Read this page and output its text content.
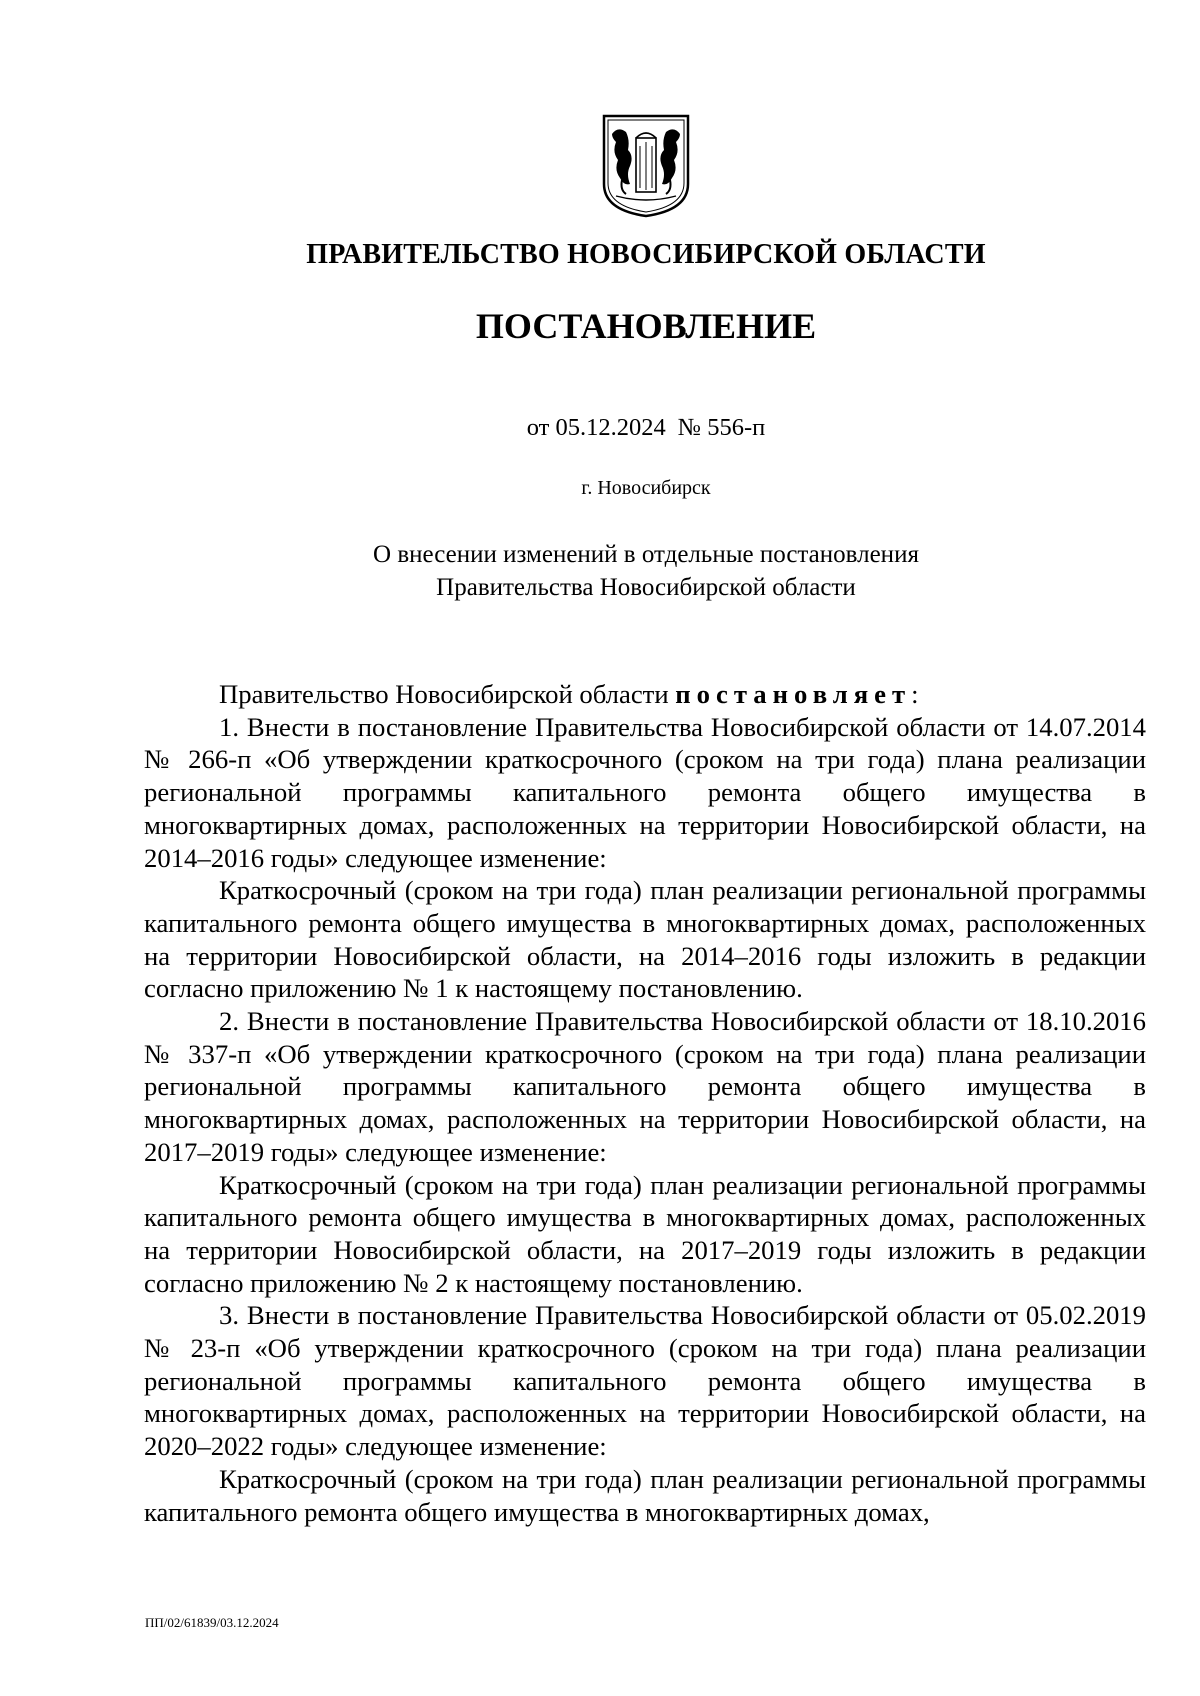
ПРАВИТЕЛЬСТВО НОВОСИБИРСКОЙ ОБЛАСТИ
ПОСТАНОВЛЕНИЕ
от 05.12.2024 № 556-п
г. Новосибирск
О внесении изменений в отдельные постановления
Правительства Новосибирской области

Правительство Новосибирской области постановляет:

1. Внести в постановление Правительства Новосибирской области от 14.07.2014 № 266-п «Об утверждении краткосрочного (сроком на три года) плана реализации региональной программы капитального ремонта общего имущества в многоквартирных домах, расположенных на территории Новосибирской области, на 2014–2016 годы» следующее изменение:

Краткосрочный (сроком на три года) план реализации региональной программы капитального ремонта общего имущества в многоквартирных домах, расположенных на территории Новосибирской области, на 2014–2016 годы изложить в редакции согласно приложению № 1 к настоящему постановлению.

2. Внести в постановление Правительства Новосибирской области от 18.10.2016 № 337-п «Об утверждении краткосрочного (сроком на три года) плана реализации региональной программы капитального ремонта общего имущества в многоквартирных домах, расположенных на территории Новосибирской области, на 2017–2019 годы» следующее изменение:

Краткосрочный (сроком на три года) план реализации региональной программы капитального ремонта общего имущества в многоквартирных домах, расположенных на территории Новосибирской области, на 2017–2019 годы изложить в редакции согласно приложению № 2 к настоящему постановлению.

3. Внести в постановление Правительства Новосибирской области от 05.02.2019 № 23-п «Об утверждении краткосрочного (сроком на три года) плана реализации региональной программы капитального ремонта общего имущества в многоквартирных домах, расположенных на территории Новосибирской области, на 2020–2022 годы» следующее изменение:

Краткосрочный (сроком на три года) план реализации региональной программы капитального ремонта общего имущества в многоквартирных домах,

ПП/02/61839/03.12.2024
